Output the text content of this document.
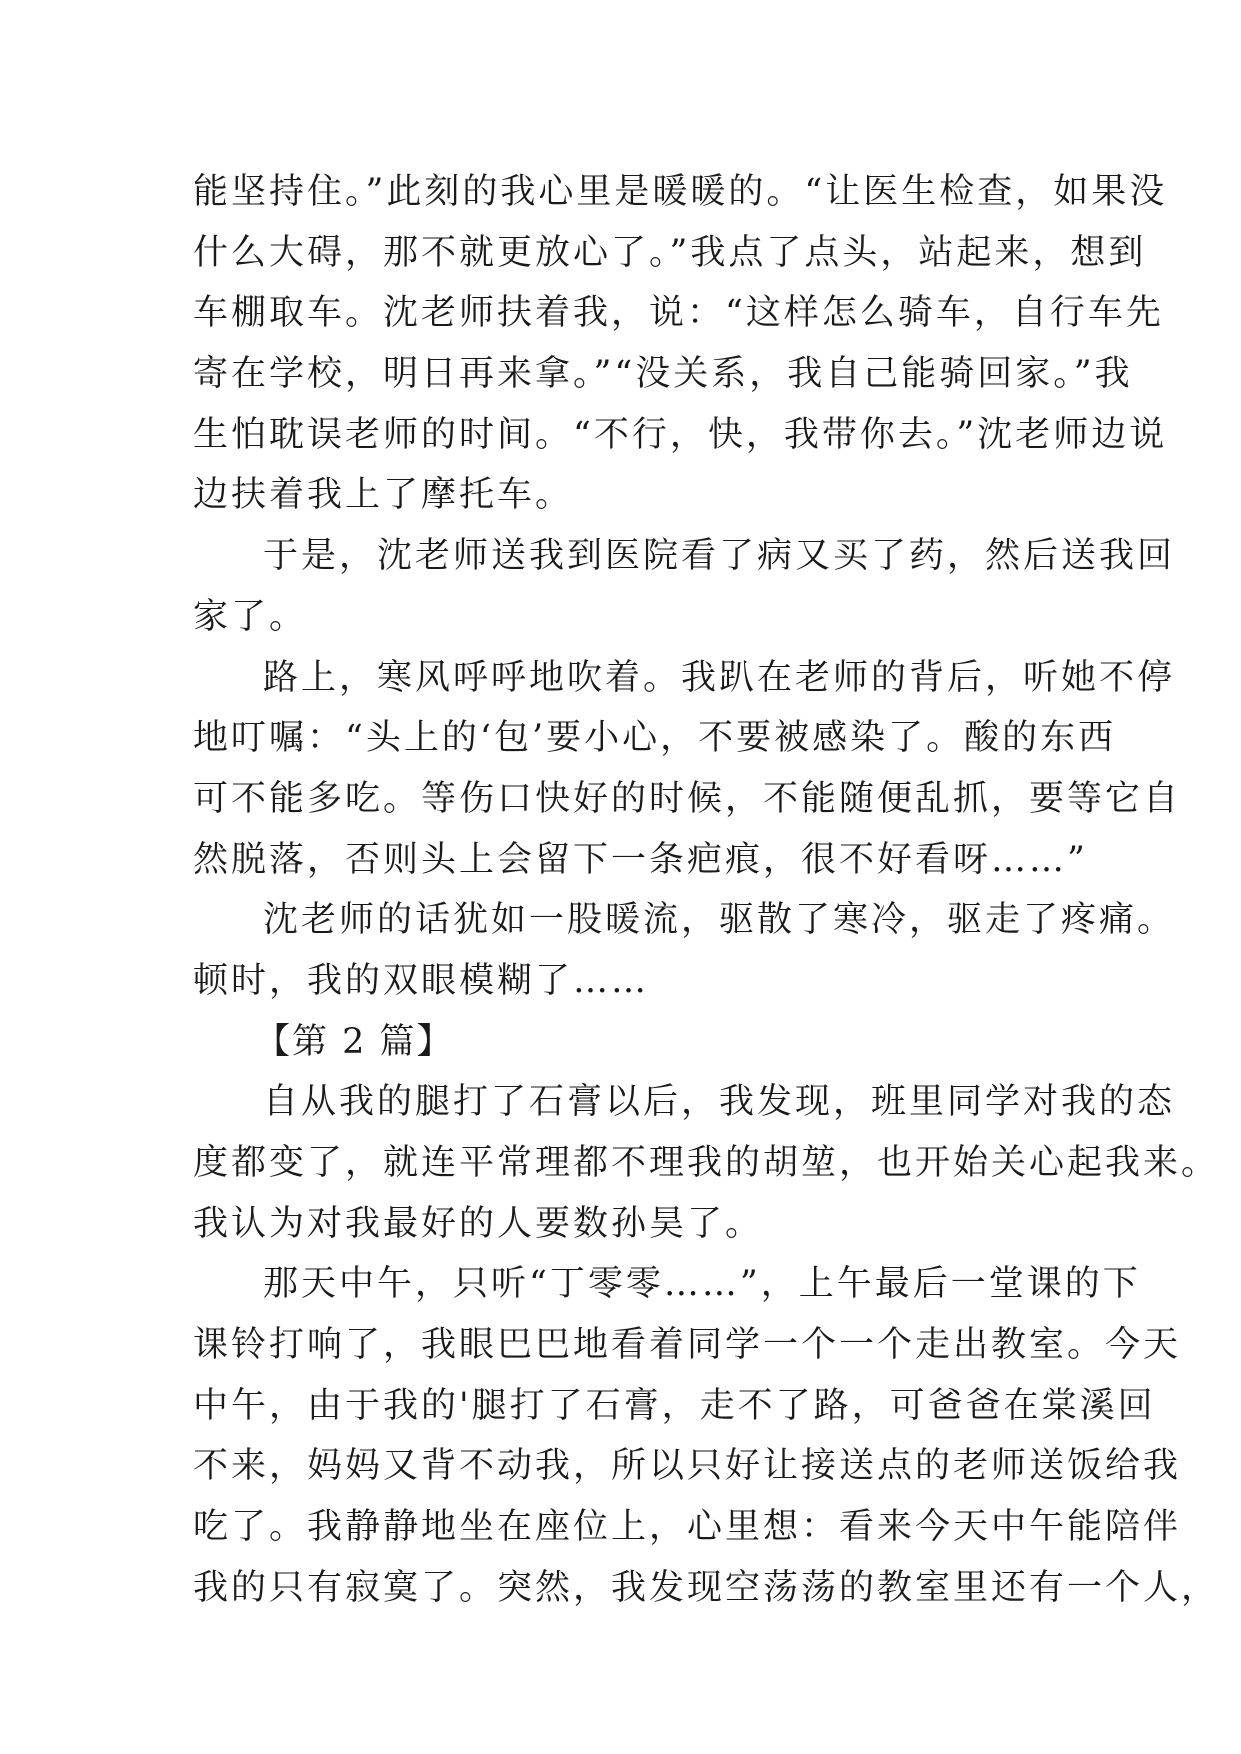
能坚持住。”此刻的我心里是暖暖的。“让医生检查，如果没
什么大碍，那不就更放心了。”我点了点头，站起来，想到
车棚取车。沈老师扶着我，说：“这样怎么骑车，自行车先
寄在学校，明日再来拿。”“没关系，我自己能骑回家。”我
生怕耽误老师的时间。“不行，快，我带你去。”沈老师边说
边扶着我上了摩托车。
于是，沈老师送我到医院看了病又买了药，然后送我回
家了。
路上，寒风呼呼地吹着。我趴在老师的背后，听她不停
地叮嘱：“头上的‘包’要小心，不要被感染了。酸的东西
可不能多吃。等伤口快好的时候，不能随便乱抓，要等它自
然脱落，否则头上会留下一条疤痕，很不好看呀……”
沈老师的话犹如一股暖流，驱散了寒冷，驱走了疼痛。
顿时，我的双眼模糊了……
【第 2 篇】
自从我的腿打了石膏以后，我发现，班里同学对我的态
度都变了，就连平常理都不理我的胡堃，也开始关心起我来。
我认为对我最好的人要数孙昊了。
那天中午，只听“丁零零……”，上午最后一堂课的下
课铃打响了，我眼巴巴地看着同学一个一个走出教室。今天
中午，由于我的'腿打了石膏，走不了路，可爸爸在棠溪回
不来，妈妈又背不动我，所以只好让接送点的老师送饭给我
吃了。我静静地坐在座位上，心里想：看来今天中午能陪伴
我的只有寂寞了。突然，我发现空荡荡的教室里还有一个人，
